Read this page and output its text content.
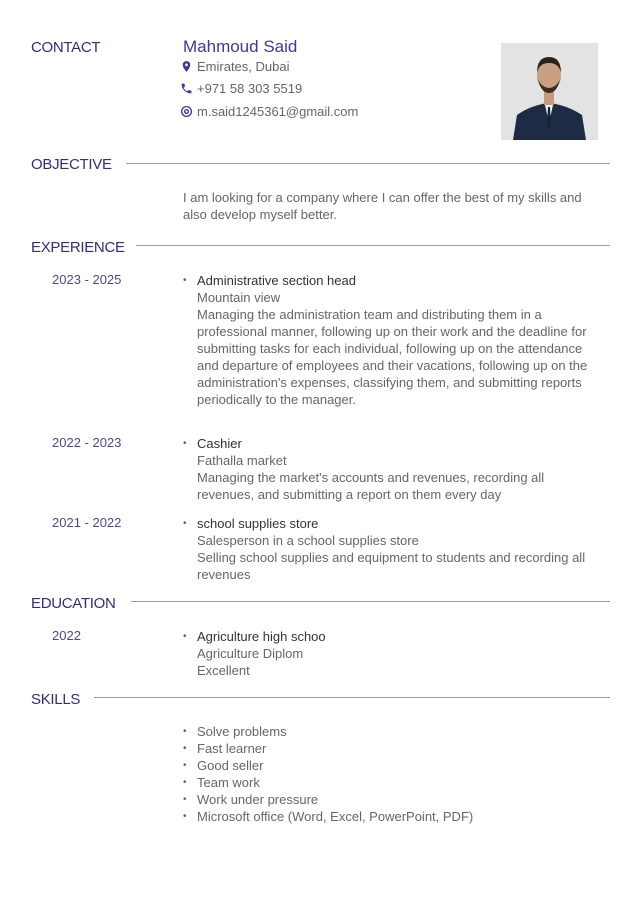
CONTACT	Mahmoud Said
Emirates, Dubai
+971 58 303 5519
m.said1245361@gmail.com
OBJECTIVE
I am looking for a company where I can offer the best of my skills and also develop myself better.
EXPERIENCE
2023 - 2025	• Administrative section head
Mountain view
Managing the administration team and distributing them in a professional manner, following up on their work and the deadline for submitting tasks for each individual, following up on the attendance and departure of employees and their vacations, following up on the administration's expenses, classifying them, and submitting reports periodically to the manager.
2022 - 2023	• Cashier
Fathalla market
Managing the market's accounts and revenues, recording all revenues, and submitting a report on them every day
2021 - 2022	• school supplies store
Salesperson in a school supplies store
Selling school supplies and equipment to students and recording all revenues
EDUCATION
2022	• Agriculture high schoo
Agriculture Diplom
Excellent
SKILLS
• Solve problems
• Fast learner
• Good seller
• Team work
• Work under pressure
• Microsoft office (Word, Excel, PowerPoint, PDF)
